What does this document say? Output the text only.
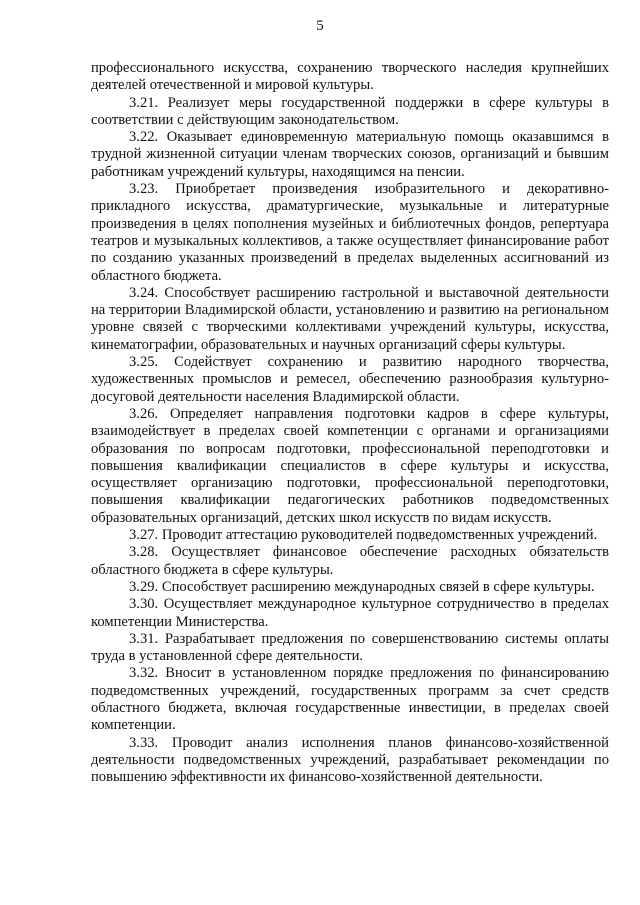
5

профессионального искусства, сохранению творческого наследия крупнейших деятелей отечественной и мировой культуры.

3.21. Реализует меры государственной поддержки в сфере культуры в соответствии с действующим законодательством.

3.22. Оказывает единовременную материальную помощь оказавшимся в трудной жизненной ситуации членам творческих союзов, организаций и бывшим работникам учреждений культуры, находящимся на пенсии.

3.23. Приобретает произведения изобразительного и декоративно-прикладного искусства, драматургические, музыкальные и литературные произведения в целях пополнения музейных и библиотечных фондов, репертуара театров и музыкальных коллективов, а также осуществляет финансирование работ по созданию указанных произведений в пределах выделенных ассигнований из областного бюджета.

3.24. Способствует расширению гастрольной и выставочной деятельности на территории Владимирской области, установлению и развитию на региональном уровне связей с творческими коллективами учреждений культуры, искусства, кинематографии, образовательных и научных организаций сферы культуры.

3.25. Содействует сохранению и развитию народного творчества, художественных промыслов и ремесел, обеспечению разнообразия культурно-досуговой деятельности населения Владимирской области.

3.26. Определяет направления подготовки кадров в сфере культуры, взаимодействует в пределах своей компетенции с органами и организациями образования по вопросам подготовки, профессиональной переподготовки и повышения квалификации специалистов в сфере культуры и искусства, осуществляет организацию подготовки, профессиональной переподготовки, повышения квалификации педагогических работников подведомственных образовательных организаций, детских школ искусств по видам искусств.

3.27. Проводит аттестацию руководителей подведомственных учреждений.

3.28. Осуществляет финансовое обеспечение расходных обязательств областного бюджета в сфере культуры.

3.29. Способствует расширению международных связей в сфере культуры.

3.30. Осуществляет международное культурное сотрудничество в пределах компетенции Министерства.

3.31. Разрабатывает предложения по совершенствованию системы оплаты труда в установленной сфере деятельности.

3.32. Вносит в установленном порядке предложения по финансированию подведомственных учреждений, государственных программ за счет средств областного бюджета, включая государственные инвестиции, в пределах своей компетенции.

3.33. Проводит анализ исполнения планов финансово-хозяйственной деятельности подведомственных учреждений, разрабатывает рекомендации по повышению эффективности их финансово-хозяйственной деятельности.
